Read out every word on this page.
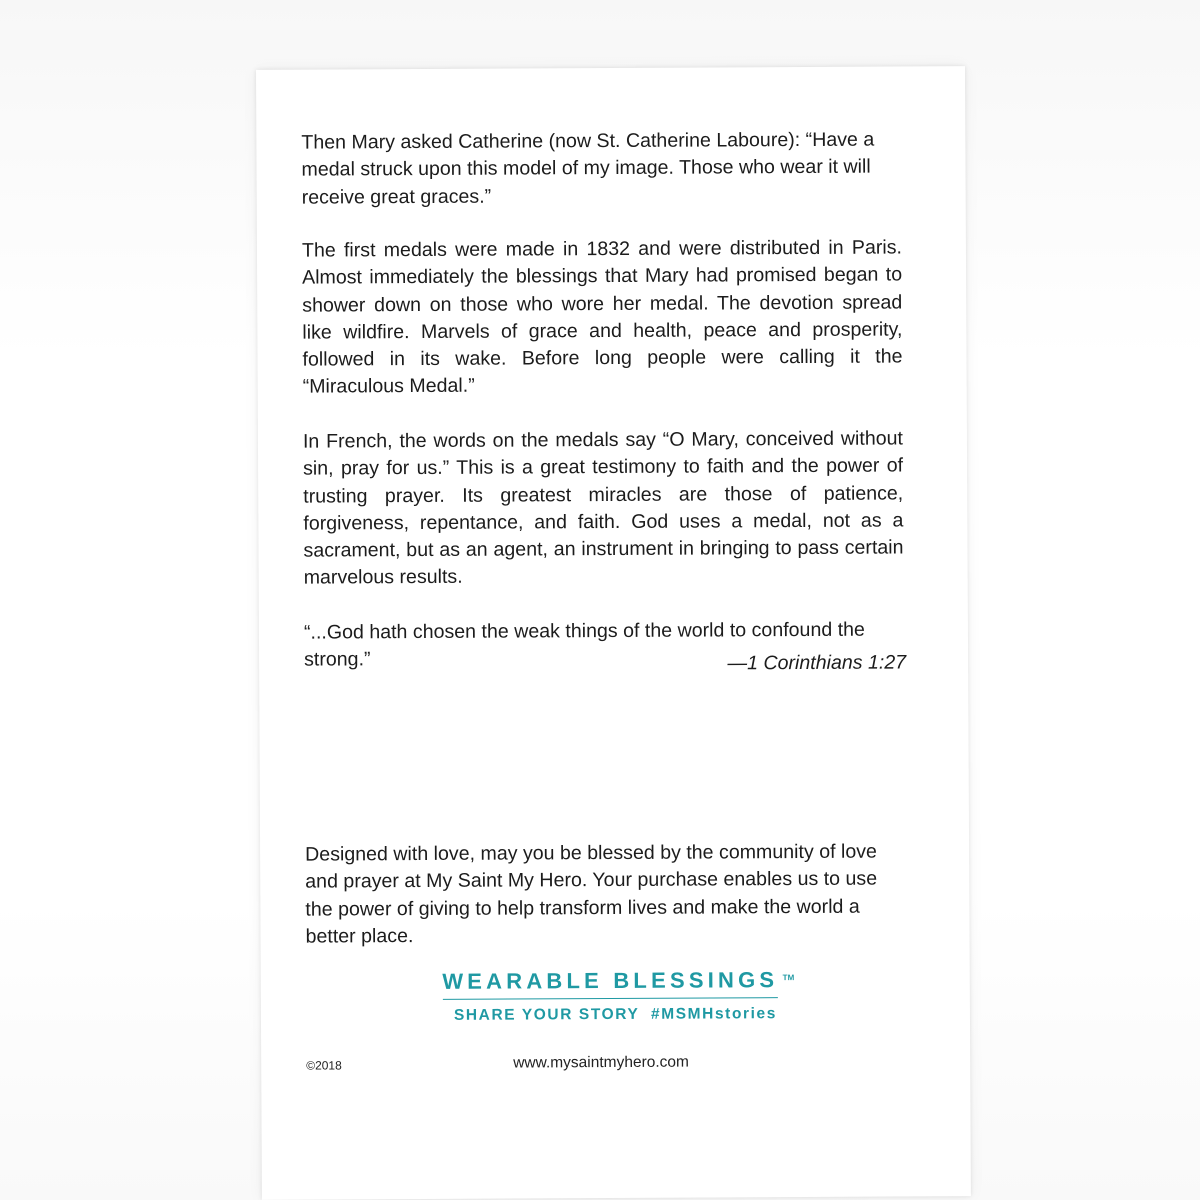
Then Mary asked Catherine (now St. Catherine Laboure): “Have a medal struck upon this model of my image. Those who wear it will receive great graces.”

The first medals were made in 1832 and were distributed in Paris. Almost immediately the blessings that Mary had promised began to shower down on those who wore her medal. The devotion spread like wildfire. Marvels of grace and health, peace and prosperity, followed in its wake. Before long people were calling it the “Miraculous Medal.”

In French, the words on the medals say “O Mary, conceived without sin, pray for us.” This is a great testimony to faith and the power of trusting prayer. Its greatest miracles are those of patience, forgiveness, repentance, and faith. God uses a medal, not as a sacrament, but as an agent, an instrument in bringing to pass certain marvelous results.

“...God hath chosen the weak things of the world to confound the strong.”	—1 Corinthians 1:27

Designed with love, may you be blessed by the community of love and prayer at My Saint My Hero. Your purchase enables us to use the power of giving to help transform lives and make the world a better place.

WEARABLE BLESSINGS TM
SHARE YOUR STORY  #MSMHstories
©2018	www.mysaintmyhero.com
